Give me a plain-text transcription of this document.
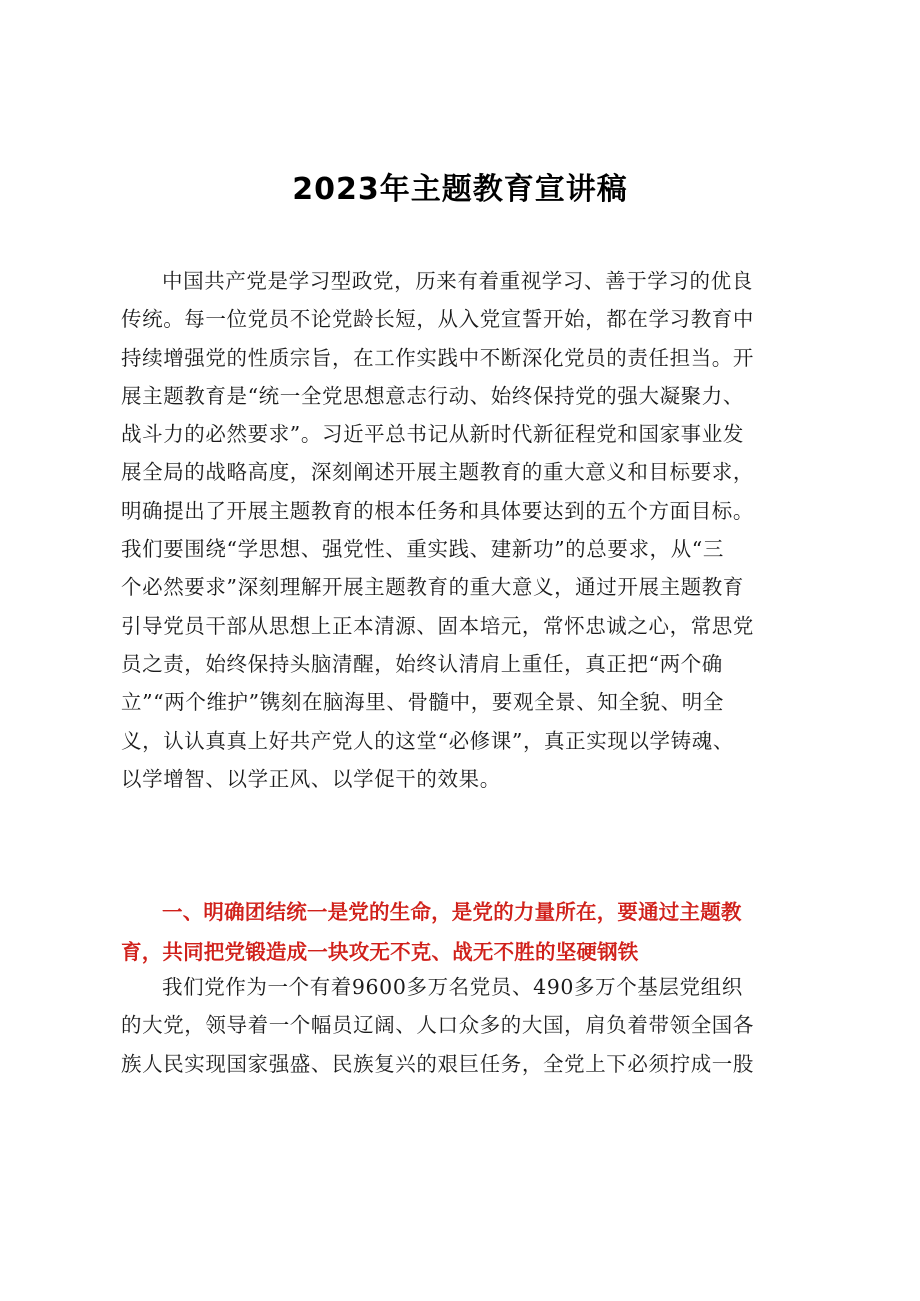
2023年主题教育宣讲稿
中国共产党是学习型政党，历来有着重视学习、善于学习的优良
传统。每一位党员不论党龄长短，从入党宣誓开始，都在学习教育中
持续增强党的性质宗旨，在工作实践中不断深化党员的责任担当。开
展主题教育是“统一全党思想意志行动、始终保持党的强大凝聚力、
战斗力的必然要求”。习近平总书记从新时代新征程党和国家事业发
展全局的战略高度，深刻阐述开展主题教育的重大意义和目标要求，
明确提出了开展主题教育的根本任务和具体要达到的五个方面目标。
我们要围绕“学思想、强党性、重实践、建新功”的总要求，从“三
个必然要求”深刻理解开展主题教育的重大意义，通过开展主题教育
引导党员干部从思想上正本清源、固本培元，常怀忠诚之心，常思党
员之责，始终保持头脑清醒，始终认清肩上重任，真正把“两个确
立”“两个维护”镌刻在脑海里、骨髓中，要观全景、知全貌、明全
义，认认真真上好共产党人的这堂“必修课”，真正实现以学铸魂、
以学增智、以学正风、以学促干的效果。
一、明确团结统一是党的生命，是党的力量所在，要通过主题教
育，共同把党锻造成一块攻无不克、战无不胜的坚硬钢铁
我们党作为一个有着9600多万名党员、490多万个基层党组织
的大党，领导着一个幅员辽阔、人口众多的大国，肩负着带领全国各
族人民实现国家强盛、民族复兴的艰巨任务，全党上下必须拧成一股
